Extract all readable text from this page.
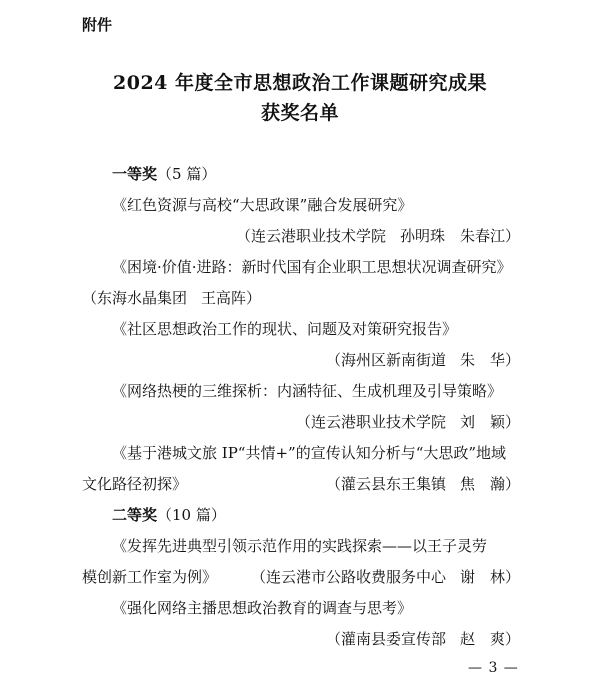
附件
2024 年度全市思想政治工作课题研究成果
获奖名单
一等奖（5 篇）
《红色资源与高校“大思政课”融合发展研究》
（连云港职业技术学院 孙明珠　朱春江）
《困境·价值·进路：新时代国有企业职工思想状况调查研究》
（东海水晶集团 王高阵）
《社区思想政治工作的现状、问题及对策研究报告》
（海州区新南街道 朱　华）
《网络热梗的三维探析：内涵特征、生成机理及引导策略》
（连云港职业技术学院 刘　颖）
《基于港城文旅 IP“共情+”的宣传认知分析与“大思政”地域
文化路径初探》	（灌云县东王集镇 焦　瀚）
二等奖（10 篇）
《发挥先进典型引领示范作用的实践探索——以王子灵劳
模创新工作室为例》 （连云港市公路收费服务中心 谢　林）
《强化网络主播思想政治教育的调查与思考》
（灌南县委宣传部 赵　爽）
— 3 —
